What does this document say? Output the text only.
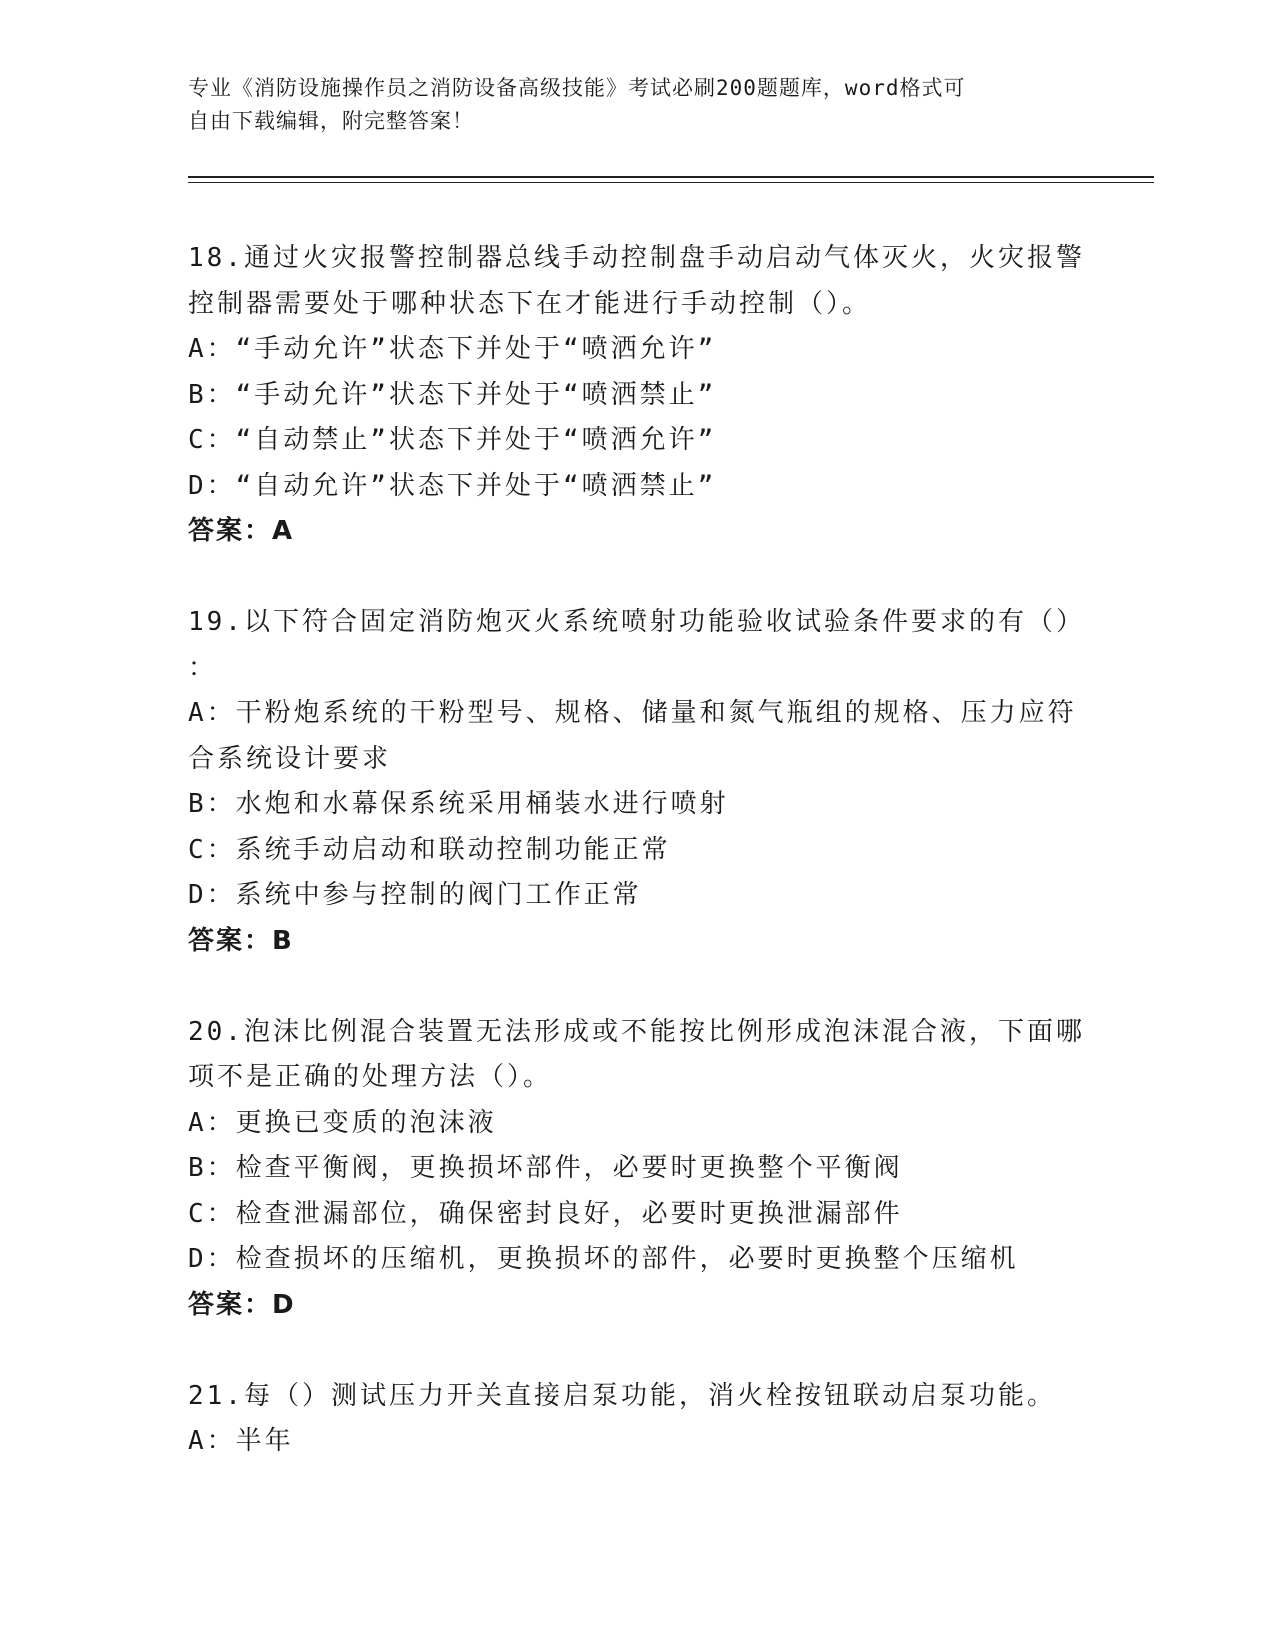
专业《消防设施操作员之消防设备高级技能》考试必刷200题题库，word格式可
自由下载编辑，附完整答案！
18.通过火灾报警控制器总线手动控制盘手动启动气体灭火，火灾报警
控制器需要处于哪种状态下在才能进行手动控制（）。
A：“手动允许”状态下并处于“喷洒允许”
B：“手动允许”状态下并处于“喷洒禁止”
C：“自动禁止”状态下并处于“喷洒允许”
D：“自动允许”状态下并处于“喷洒禁止”
答案：A
19.以下符合固定消防炮灭火系统喷射功能验收试验条件要求的有（）
：
A：干粉炮系统的干粉型号、规格、储量和氮气瓶组的规格、压力应符
合系统设计要求
B：水炮和水幕保系统采用桶装水进行喷射
C：系统手动启动和联动控制功能正常
D：系统中参与控制的阀门工作正常
答案：B
20.泡沫比例混合装置无法形成或不能按比例形成泡沫混合液，下面哪
项不是正确的处理方法（）。
A：更换已变质的泡沫液
B：检查平衡阀，更换损坏部件，必要时更换整个平衡阀
C：检查泄漏部位，确保密封良好，必要时更换泄漏部件
D：检查损坏的压缩机，更换损坏的部件，必要时更换整个压缩机
答案：D
21.每（）测试压力开关直接启泵功能，消火栓按钮联动启泵功能。
A：半年
